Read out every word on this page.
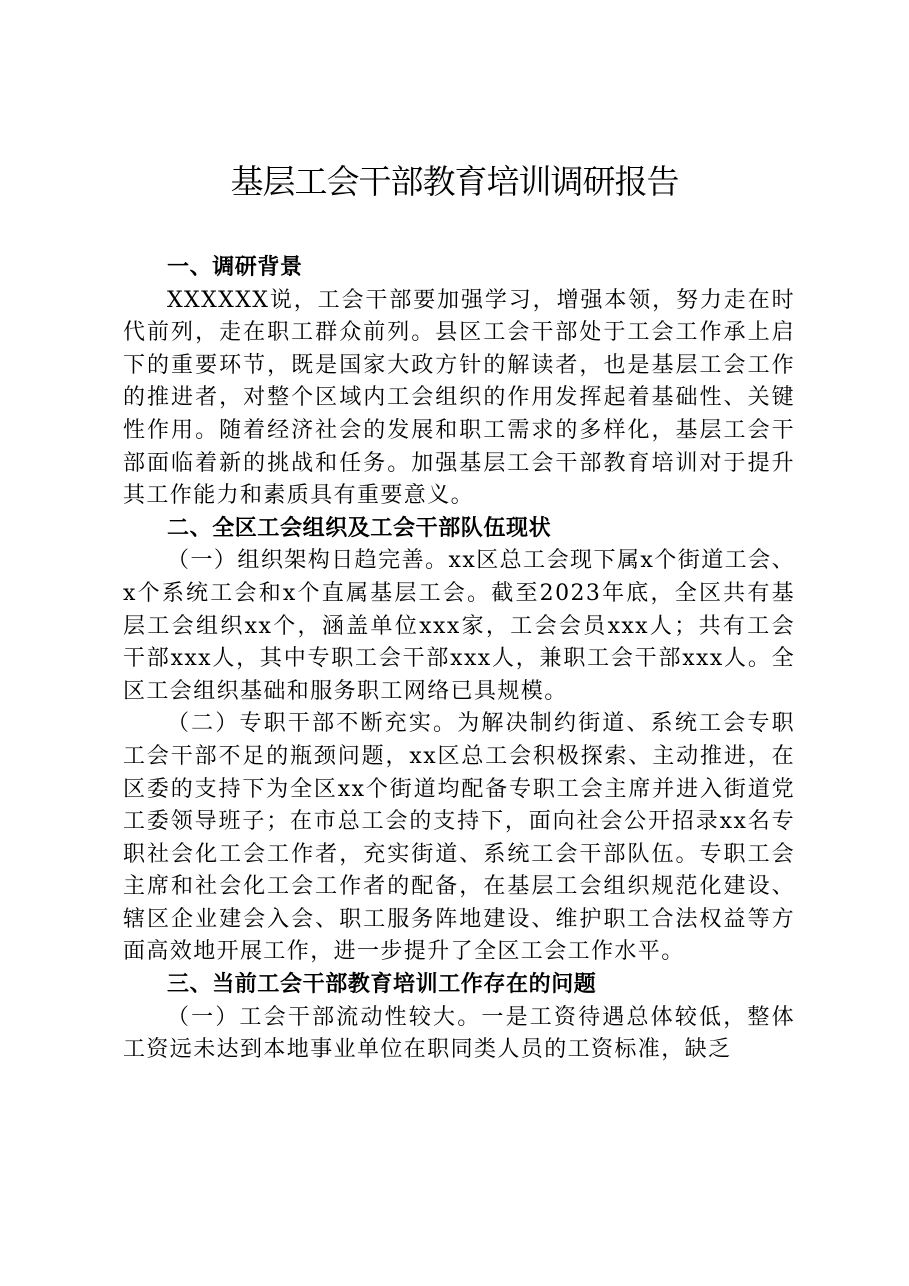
基层工会干部教育培训调研报告
一、调研背景

XXXXXX说，工会干部要加强学习，增强本领，努力走在时代前列，走在职工群众前列。县区工会干部处于工会工作承上启下的重要环节，既是国家大政方针的解读者，也是基层工会工作的推进者，对整个区域内工会组织的作用发挥起着基础性、关键性作用。随着经济社会的发展和职工需求的多样化，基层工会干部面临着新的挑战和任务。加强基层工会干部教育培训对于提升其工作能力和素质具有重要意义。

二、全区工会组织及工会干部队伍现状

（一）组织架构日趋完善。xx区总工会现下属x个街道工会、x个系统工会和x个直属基层工会。截至2023年底，全区共有基层工会组织xx个，涵盖单位xxx家，工会会员xxx人；共有工会干部xxx人，其中专职工会干部xxx人，兼职工会干部xxx人。全区工会组织基础和服务职工网络已具规模。

（二）专职干部不断充实。为解决制约街道、系统工会专职工会干部不足的瓶颈问题，xx区总工会积极探索、主动推进，在区委的支持下为全区xx个街道均配备专职工会主席并进入街道党工委领导班子；在市总工会的支持下，面向社会公开招录xx名专职社会化工会工作者，充实街道、系统工会干部队伍。专职工会主席和社会化工会工作者的配备，在基层工会组织规范化建设、辖区企业建会入会、职工服务阵地建设、维护职工合法权益等方面高效地开展工作，进一步提升了全区工会工作水平。

三、当前工会干部教育培训工作存在的问题

（一）工会干部流动性较大。一是工资待遇总体较低，整体工资远未达到本地事业单位在职同类人员的工资标准，缺乏
